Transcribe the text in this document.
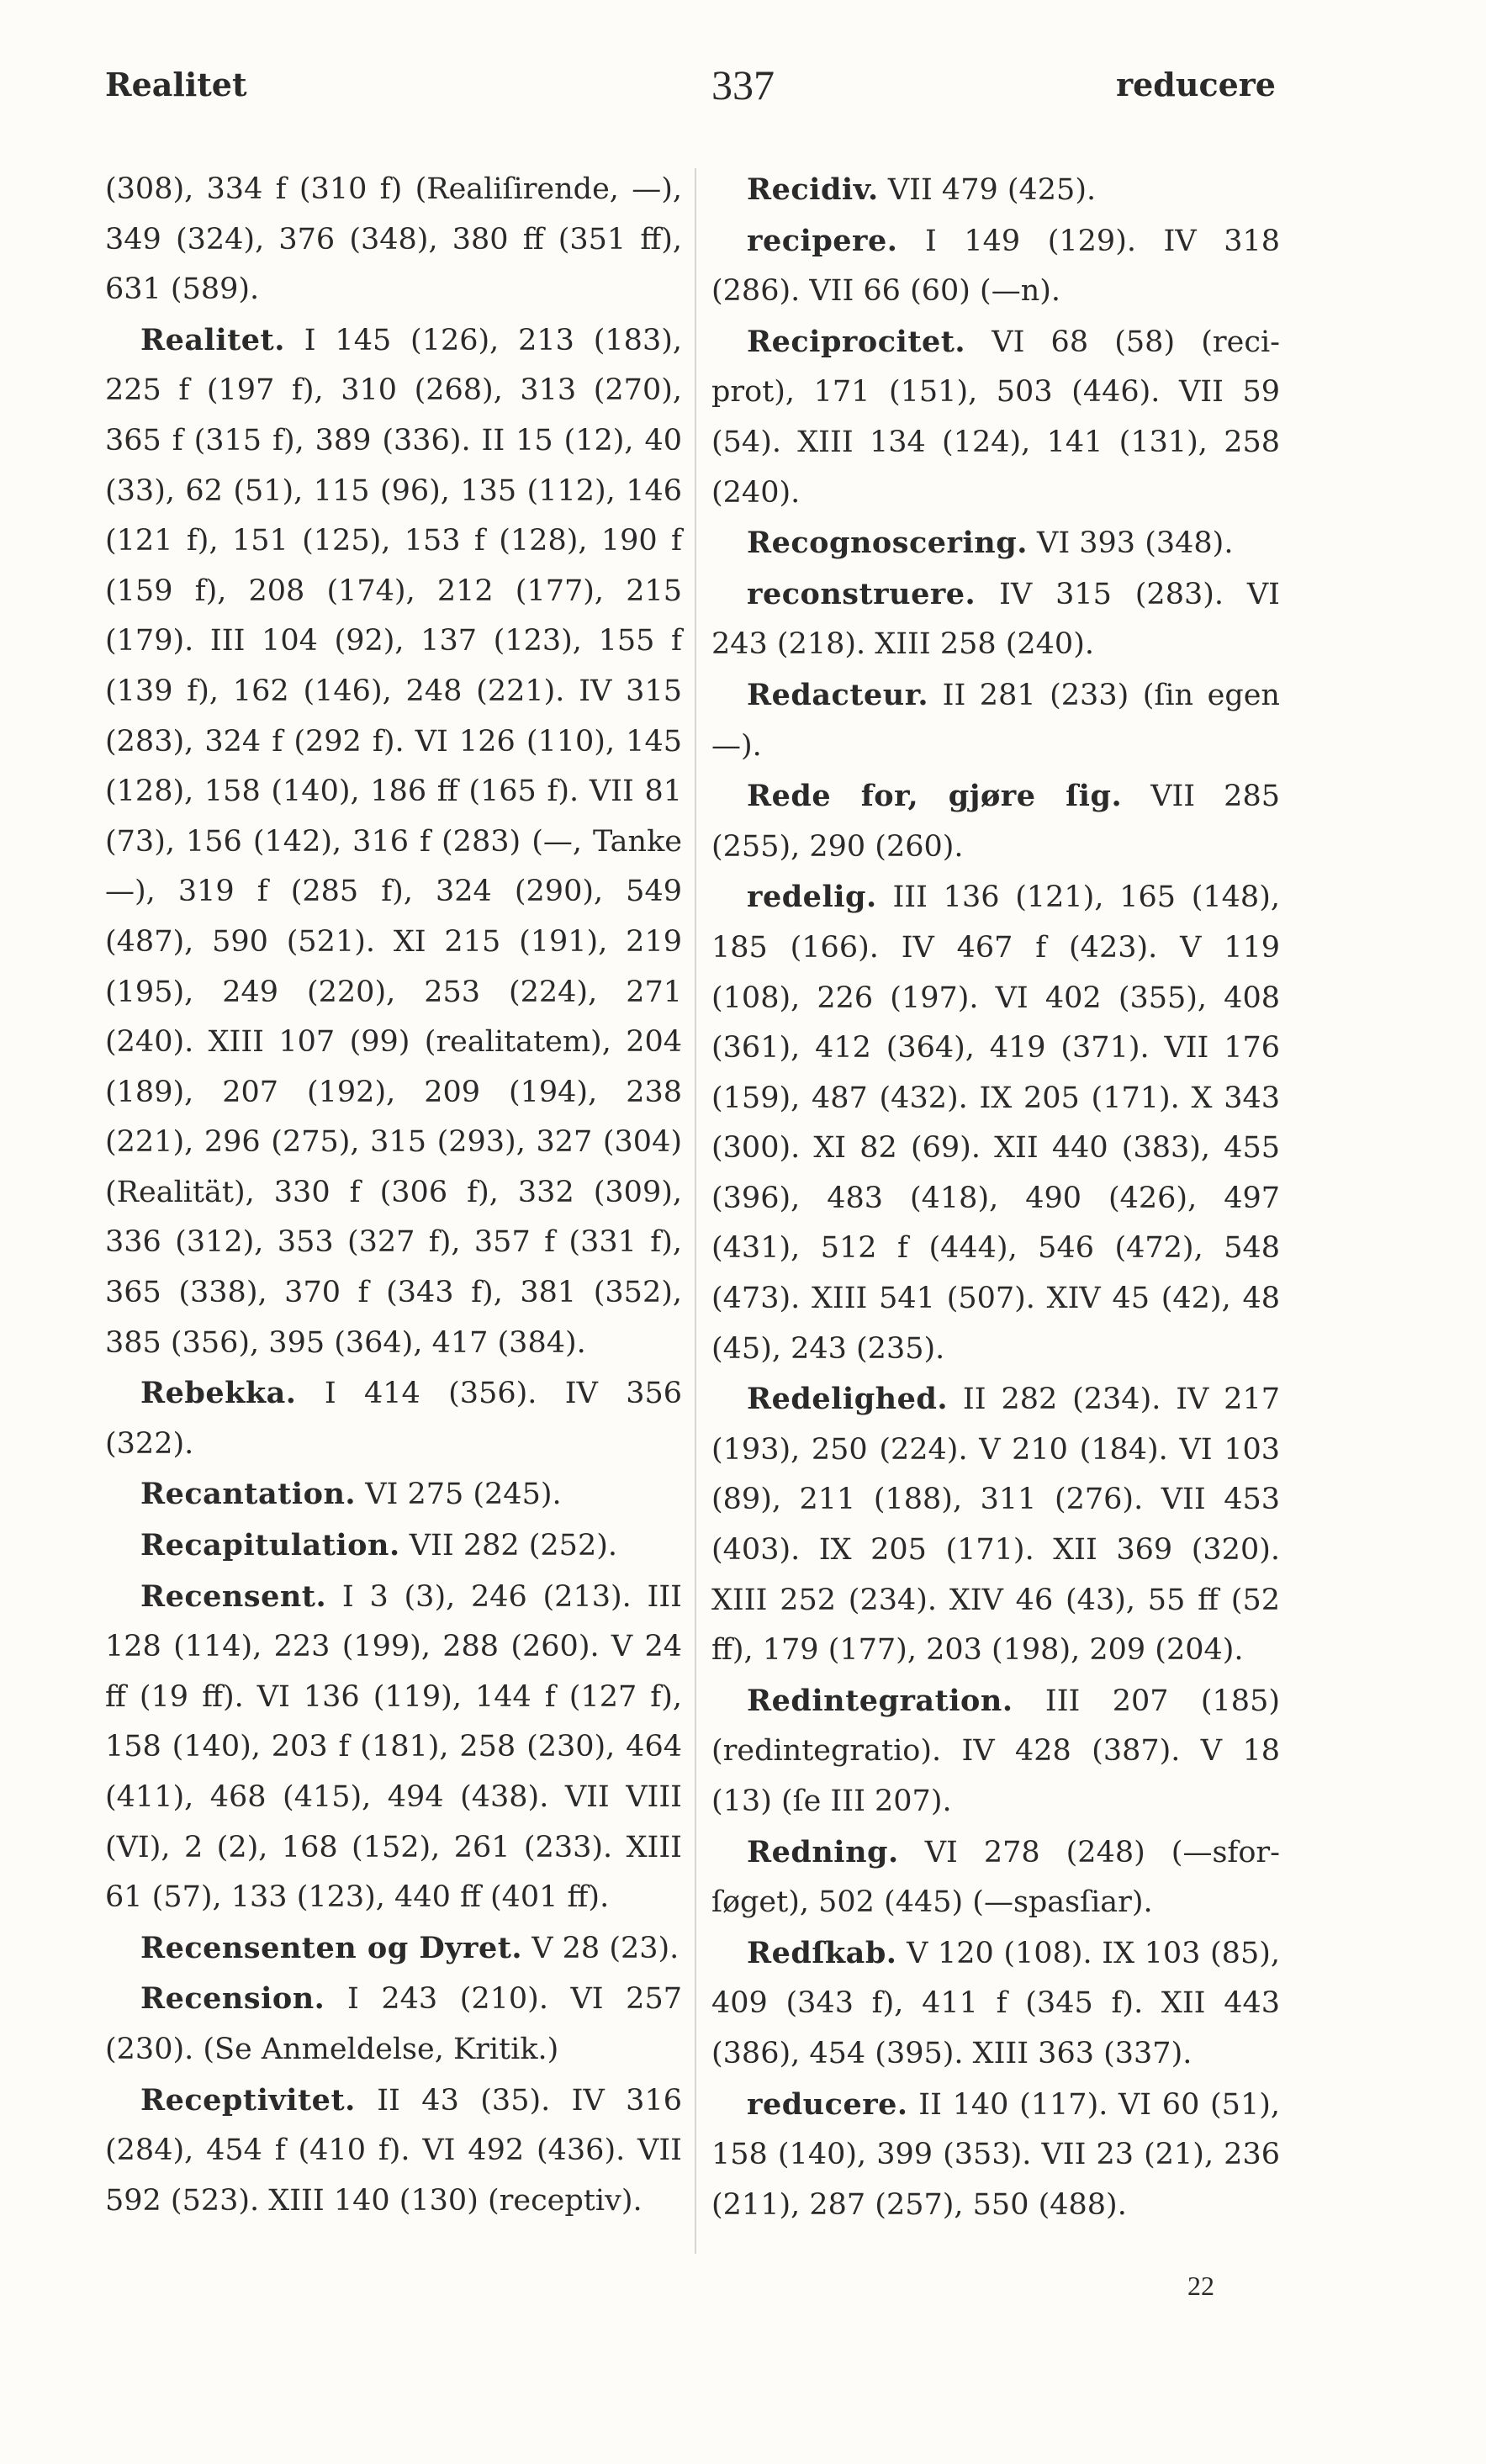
Realitet	337	reducere

(308), 334 f (310 f) (Realiſirende, —), 349 (324), 376 (348), 380 ff (351 ff), 631 (589).

Realitet. I 145 (126), 213 (183), 225 f (197 f), 310 (268), 313 (270), 365 f (315 f), 389 (336). II 15 (12), 40 (33), 62 (51), 115 (96), 135 (112), 146 (121 f), 151 (125), 153 f (128), 190 f (159 f), 208 (174), 212 (177), 215 (179). III 104 (92), 137 (123), 155 f (139 f), 162 (146), 248 (221). IV 315 (283), 324 f (292 f). VI 126 (110), 145 (128), 158 (140), 186 ff (165 f). VII 81 (73), 156 (142), 316 f (283) (—, Tanke—), 319 f (285 f), 324 (290), 549 (487), 590 (521). XI 215 (191), 219 (195), 249 (220), 253 (224), 271 (240). XIII 107 (99) (realitatem), 204 (189), 207 (192), 209 (194), 238 (221), 296 (275), 315 (293), 327 (304) (Realität), 330 f (306 f), 332 (309), 336 (312), 353 (327 f), 357 f (331 f), 365 (338), 370 f (343 f), 381 (352), 385 (356), 395 (364), 417 (384).

Rebekka. I 414 (356). IV 356 (322).

Recantation. VI 275 (245).

Recapitulation. VII 282 (252).

Recensent. I 3 (3), 246 (213). III 128 (114), 223 (199), 288 (260). V 24 ff (19 ff). VI 136 (119), 144 f (127 f), 158 (140), 203 f (181), 258 (230), 464 (411), 468 (415), 494 (438). VII VIII (VI), 2 (2), 168 (152), 261 (233). XIII 61 (57), 133 (123), 440 ff (401 ff).

Recensenten og Dyret. V 28 (23).

Recension. I 243 (210). VI 257 (230). (Se Anmeldelse, Kritik.)

Receptivitet. II 43 (35). IV 316 (284), 454 f (410 f). VI 492 (436). VII 592 (523). XIII 140 (130) (receptiv).

Recidiv. VII 479 (425).

recipere. I 149 (129). IV 318 (286). VII 66 (60) (—n).

Reciprocitet. VI 68 (58) (reci-prot), 171 (151), 503 (446). VII 59 (54). XIII 134 (124), 141 (131), 258 (240).

Recognoscering. VI 393 (348).

reconstruere. IV 315 (283). VI 243 (218). XIII 258 (240).

Redacteur. II 281 (233) (ſin egen —).

Rede for, gjøre ſig. VII 285 (255), 290 (260).

redelig. III 136 (121), 165 (148), 185 (166). IV 467 f (423). V 119 (108), 226 (197). VI 402 (355), 408 (361), 412 (364), 419 (371). VII 176 (159), 487 (432). IX 205 (171). X 343 (300). XI 82 (69). XII 440 (383), 455 (396), 483 (418), 490 (426), 497 (431), 512 f (444), 546 (472), 548 (473). XIII 541 (507). XIV 45 (42), 48 (45), 243 (235).

Redelighed. II 282 (234). IV 217 (193), 250 (224). V 210 (184). VI 103 (89), 211 (188), 311 (276). VII 453 (403). IX 205 (171). XII 369 (320). XIII 252 (234). XIV 46 (43), 55 ff (52 ff), 179 (177), 203 (198), 209 (204).

Redintegration. III 207 (185) (redintegratio). IV 428 (387). V 18 (13) (ſe III 207).

Redning. VI 278 (248) (—sfor-ſøget), 502 (445) (—spasſiar).

Redſkab. V 120 (108). IX 103 (85), 409 (343 f), 411 f (345 f). XII 443 (386), 454 (395). XIII 363 (337).

reducere. II 140 (117). VI 60 (51), 158 (140), 399 (353). VII 23 (21), 236 (211), 287 (257), 550 (488).

22
